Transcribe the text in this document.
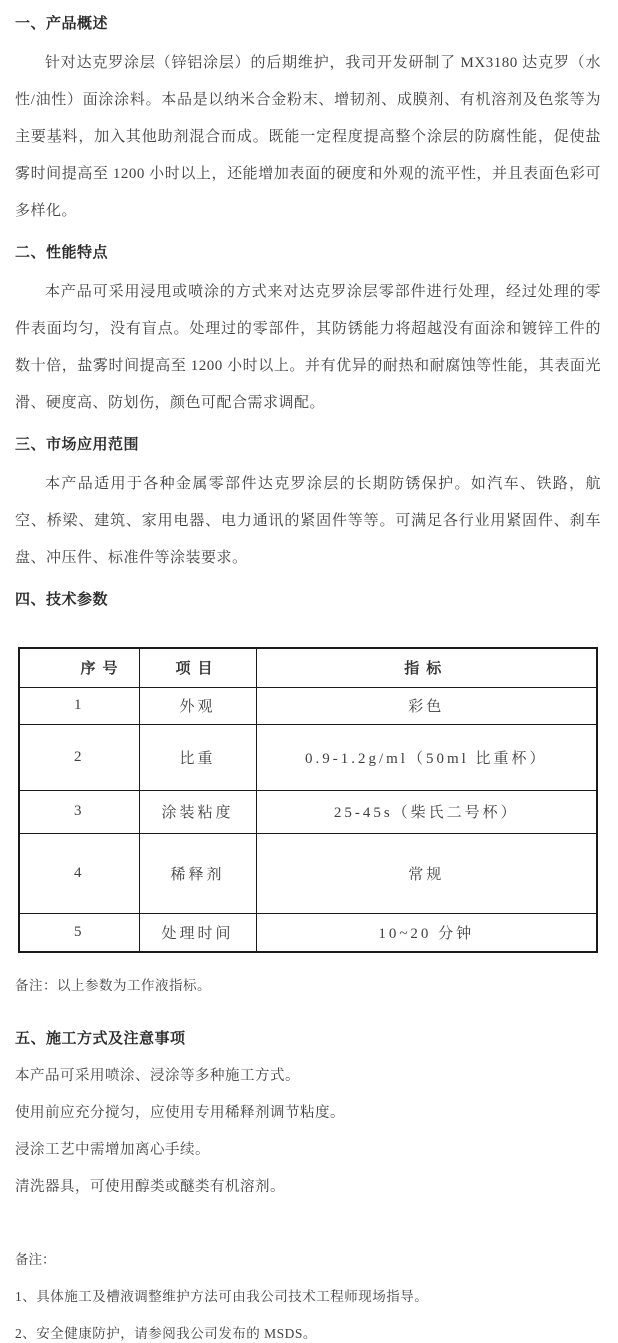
一、产品概述

针对达克罗涂层（锌铝涂层）的后期维护，我司开发研制了 MX3180 达克罗（水性/油性）面涂涂料。本品是以纳米合金粉末、增韧剂、成膜剂、有机溶剂及色浆等为主要基料，加入其他助剂混合而成。既能一定程度提高整个涂层的防腐性能，促使盐雾时间提高至 1200 小时以上，还能增加表面的硬度和外观的流平性，并且表面色彩可多样化。

二、性能特点

本产品可采用浸甩或喷涂的方式来对达克罗涂层零部件进行处理，经过处理的零件表面均匀，没有盲点。处理过的零部件，其防锈能力将超越没有面涂和镀锌工件的数十倍，盐雾时间提高至 1200 小时以上。并有优异的耐热和耐腐蚀等性能，其表面光滑、硬度高、防划伤，颜色可配合需求调配。

三、市场应用范围

本产品适用于各种金属零部件达克罗涂层的长期防锈保护。如汽车、铁路，航空、桥梁、建筑、家用电器、电力通讯的紧固件等等。可满足各行业用紧固件、刹车盘、冲压件、标准件等涂装要求。

四、技术参数
序号	项目	指标
1	外观	彩色
2	比重	0.9-1.2g/ml（50ml 比重杯）
3	涂装粘度	25-45s（柴氏二号杯）
4	稀释剂	常规
5	处理时间	10~20 分钟

备注：以上参数为工作液指标。

五、施工方式及注意事项

本产品可采用喷涂、浸涂等多种施工方式。

使用前应充分搅匀，应使用专用稀释剂调节粘度。

浸涂工艺中需增加离心手续。

清洗器具，可使用醇类或醚类有机溶剂。

备注：

1、具体施工及槽液调整维护方法可由我公司技术工程师现场指导。

2、安全健康防护，请参阅我公司发布的 MSDS。
